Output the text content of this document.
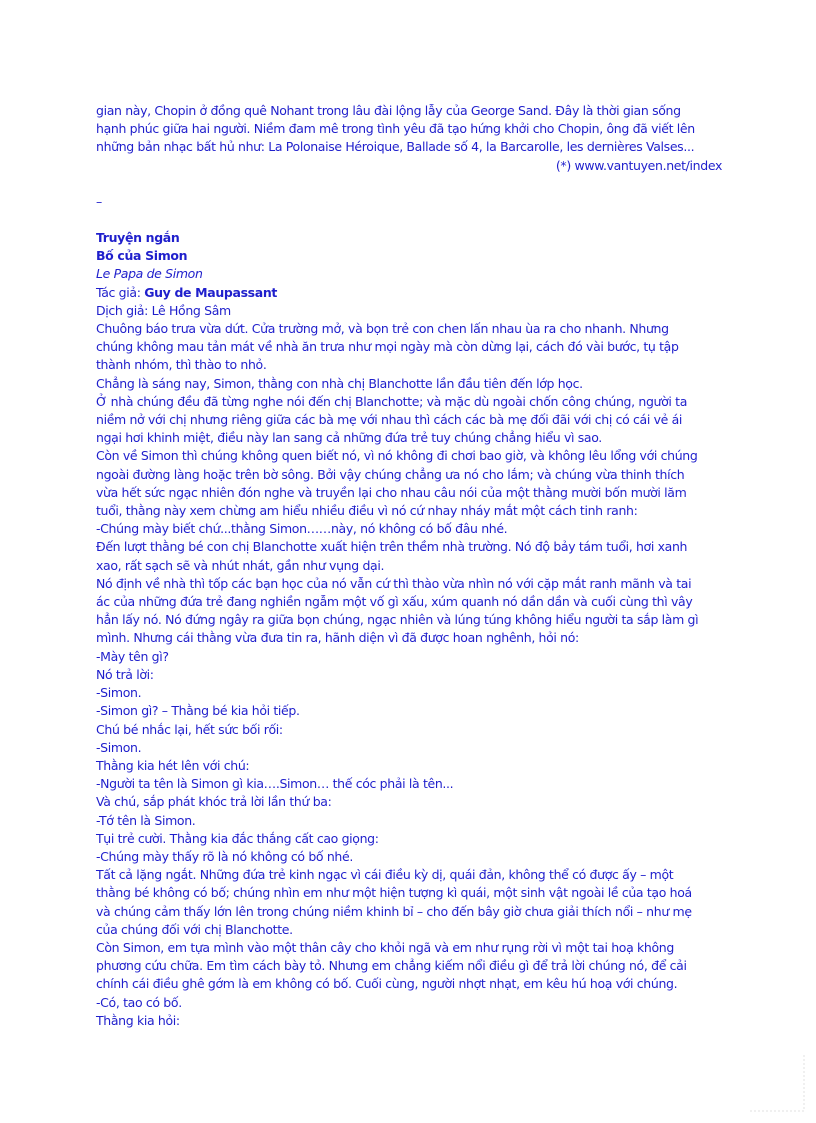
gian này, Chopin ở đồng quê Nohant trong lâu đài lộng lẫy của George Sand. Đây là thời gian sống
hạnh phúc giữa hai người. Niềm đam mê trong tình yêu đã tạo hứng khởi cho Chopin, ông đã viết lên
những bản nhạc bất hủ như: La Polonaise Héroique, Ballade số 4, la Barcarolle, les dernières Valses...
(*) www.vantuyen.net/index
–
Truyện ngắn
Bố của Simon
Le Papa de Simon
Tác giả: Guy de Maupassant
Dịch giả: Lê Hồng Sâm
Chuông báo trưa vừa dứt. Cửa trường mở, và bọn trẻ con chen lấn nhau ùa ra cho nhanh. Nhưng
chúng không mau tản mát về nhà ăn trưa như mọi ngày mà còn dừng lại, cách đó vài bước, tụ tập
thành nhóm, thì thào to nhỏ.
Chẳng là sáng nay, Simon, thằng con nhà chị Blanchotte lần đầu tiên đến lớp học.
Ở nhà chúng đều đã từng nghe nói đến chị Blanchotte; và mặc dù ngoài chốn công chúng, người ta
niềm nở với chị nhưng riêng giữa các bà mẹ với nhau thì cách các bà mẹ đối đãi với chị có cái vẻ ái
ngại hơi khinh miệt, điều này lan sang cả những đứa trẻ tuy chúng chẳng hiểu vì sao.
Còn về Simon thì chúng không quen biết nó, vì nó không đi chơi bao giờ, và không lêu lổng với chúng
ngoài đường làng hoặc trên bờ sông. Bởi vậy chúng chẳng ưa nó cho lắm; và chúng vừa thinh thích
vừa hết sức ngạc nhiên đón nghe và truyền lại cho nhau câu nói của một thằng mười bốn mười lăm
tuổi, thằng này xem chừng am hiểu nhiều điều vì nó cứ nhay nháy mắt một cách tinh ranh:
-Chúng mày biết chứ...thằng Simon……này, nó không có bố đâu nhé.
Đến lượt thằng bé con chị Blanchotte xuất hiện trên thềm nhà trường. Nó độ bảy tám tuổi, hơi xanh
xao, rất sạch sẽ và nhút nhát, gần như vụng dại.
Nó định về nhà thì tốp các bạn học của nó vẫn cứ thì thào vừa nhìn nó với cặp mắt ranh mãnh và tai
ác của những đứa trẻ đang nghiền ngẫm một vố gì xấu, xúm quanh nó dần dần và cuối cùng thì vây
hẳn lấy nó. Nó đứng ngây ra giữa bọn chúng, ngạc nhiên và lúng túng không hiểu người ta sắp làm gì
mình. Nhưng cái thằng vừa đưa tin ra, hãnh diện vì đã được hoan nghênh, hỏi nó:
-Mày tên gì?
Nó trả lời:
-Simon.
-Simon gì? – Thằng bé kia hỏi tiếp.
Chú bé nhắc lại, hết sức bối rối:
-Simon.
Thằng kia hét lên với chú:
-Người ta tên là Simon gì kia….Simon… thế cóc phải là tên...
Và chú, sắp phát khóc trả lời lần thứ ba:
-Tớ tên là Simon.
Tụi trẻ cười. Thằng kia đắc thắng cất cao giọng:
-Chúng mày thấy rõ là nó không có bố nhé.
Tất cả lặng ngắt. Những đứa trẻ kinh ngạc vì cái điều kỳ dị, quái đản, không thể có được ấy – một
thằng bé không có bố; chúng nhìn em như một hiện tượng kì quái, một sinh vật ngoài lề của tạo hoá
và chúng cảm thấy lớn lên trong chúng niềm khinh bỉ – cho đến bây giờ chưa giải thích nổi – như mẹ
của chúng đối với chị Blanchotte.
Còn Simon, em tựa mình vào một thân cây cho khỏi ngã và em như rụng rời vì một tai hoạ không
phương cứu chữa. Em tìm cách bày tỏ. Nhưng em chẳng kiếm nổi điều gì để trả lời chúng nó, để cải
chính cái điều ghê gớm là em không có bố. Cuối cùng, người nhợt nhạt, em kêu hú hoạ với chúng.
-Có, tao có bố.
Thằng kia hỏi:
